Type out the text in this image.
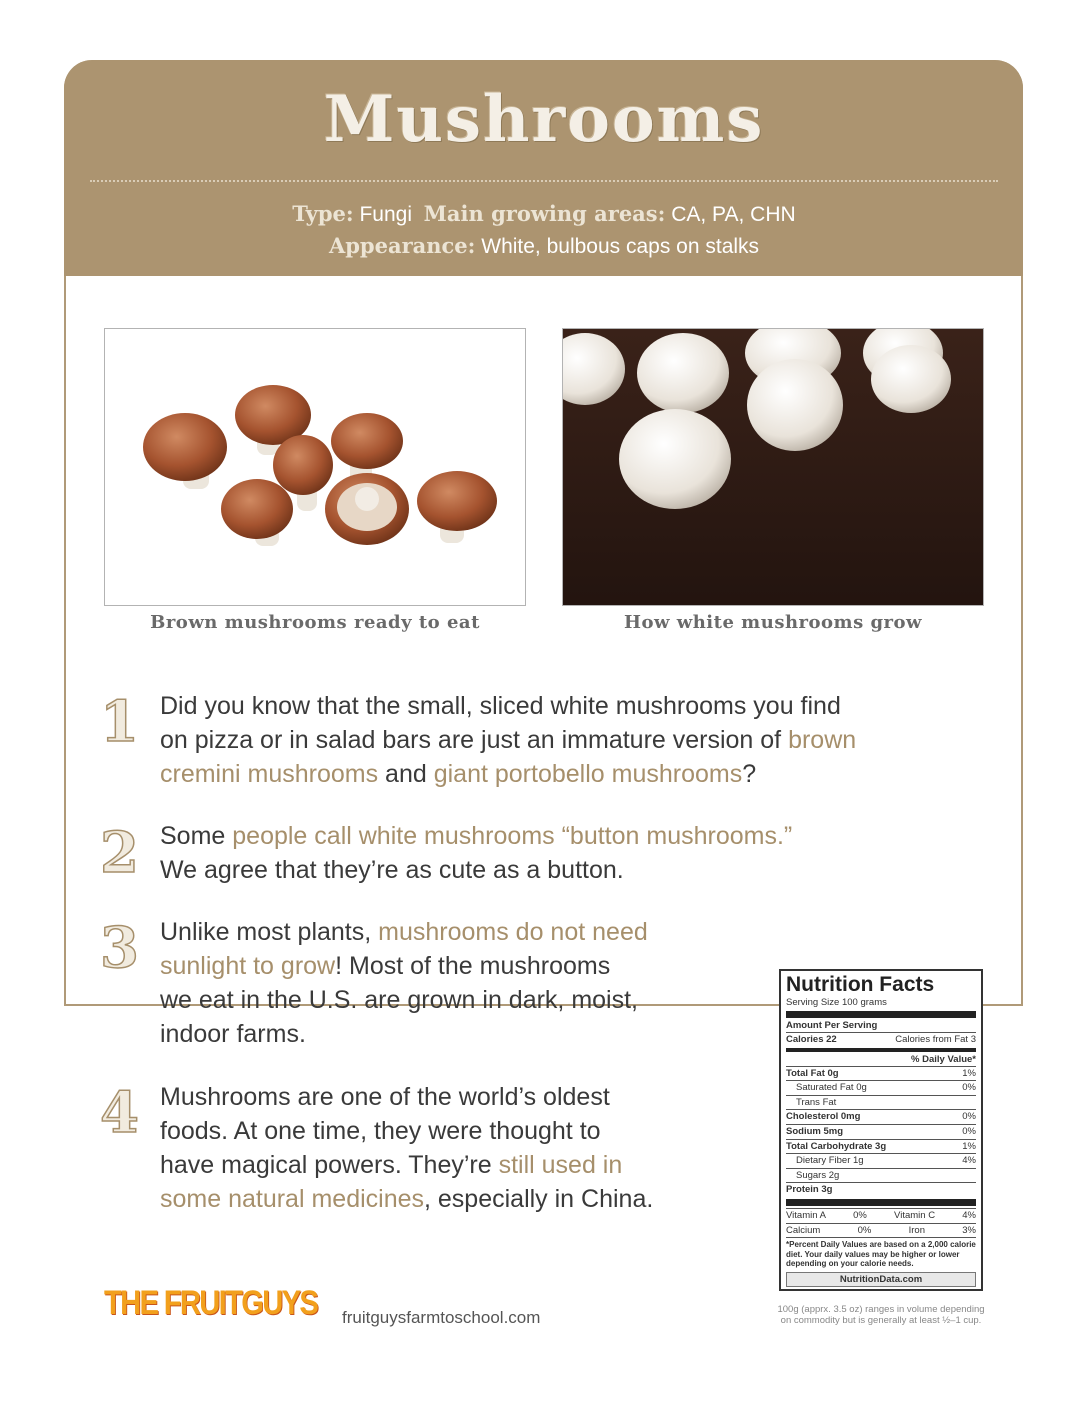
Mushrooms
Type: Fungi Main growing areas: CA, PA, CHN
Appearance: White, bulbous caps on stalks
Brown mushrooms ready to eat	How white mushrooms grow
1 Did you know that the small, sliced white mushrooms you find
on pizza or in salad bars are just an immature version of brown
cremini mushrooms and giant portobello mushrooms?
2 Some people call white mushrooms “button mushrooms.”
We agree that they’re as cute as a button.
3 Unlike most plants, mushrooms do not need
sunlight to grow! Most of the mushrooms
we eat in the U.S. are grown in dark, moist,
indoor farms.
4 Mushrooms are one of the world’s oldest
foods. At one time, they were thought to
have magical powers. They’re still used in
some natural medicines, especially in China.
Nutrition Facts
Serving Size 100 grams
Amount Per Serving
Calories 22	Calories from Fat 3
% Daily Value*
Total Fat 0g	1%
Saturated Fat 0g	0%
Trans Fat
Cholesterol 0mg	0%
Sodium 5mg	0%
Total Carbohydrate 3g	1%
Dietary Fiber 1g	4%
Sugars 2g
Protein 3g
Vitamin A	0%	Vitamin C	4%
Calcium	0%	Iron	3%
*Percent Daily Values are based on a 2,000 calorie diet. Your daily values may be higher or lower depending on your calorie needs.
NutritionData.com
100g (apprx. 3.5 oz) ranges in volume depending on commodity but is generally at least ½–1 cup.
THE FRUITGUYS fruitguysfarmtoschool.com
